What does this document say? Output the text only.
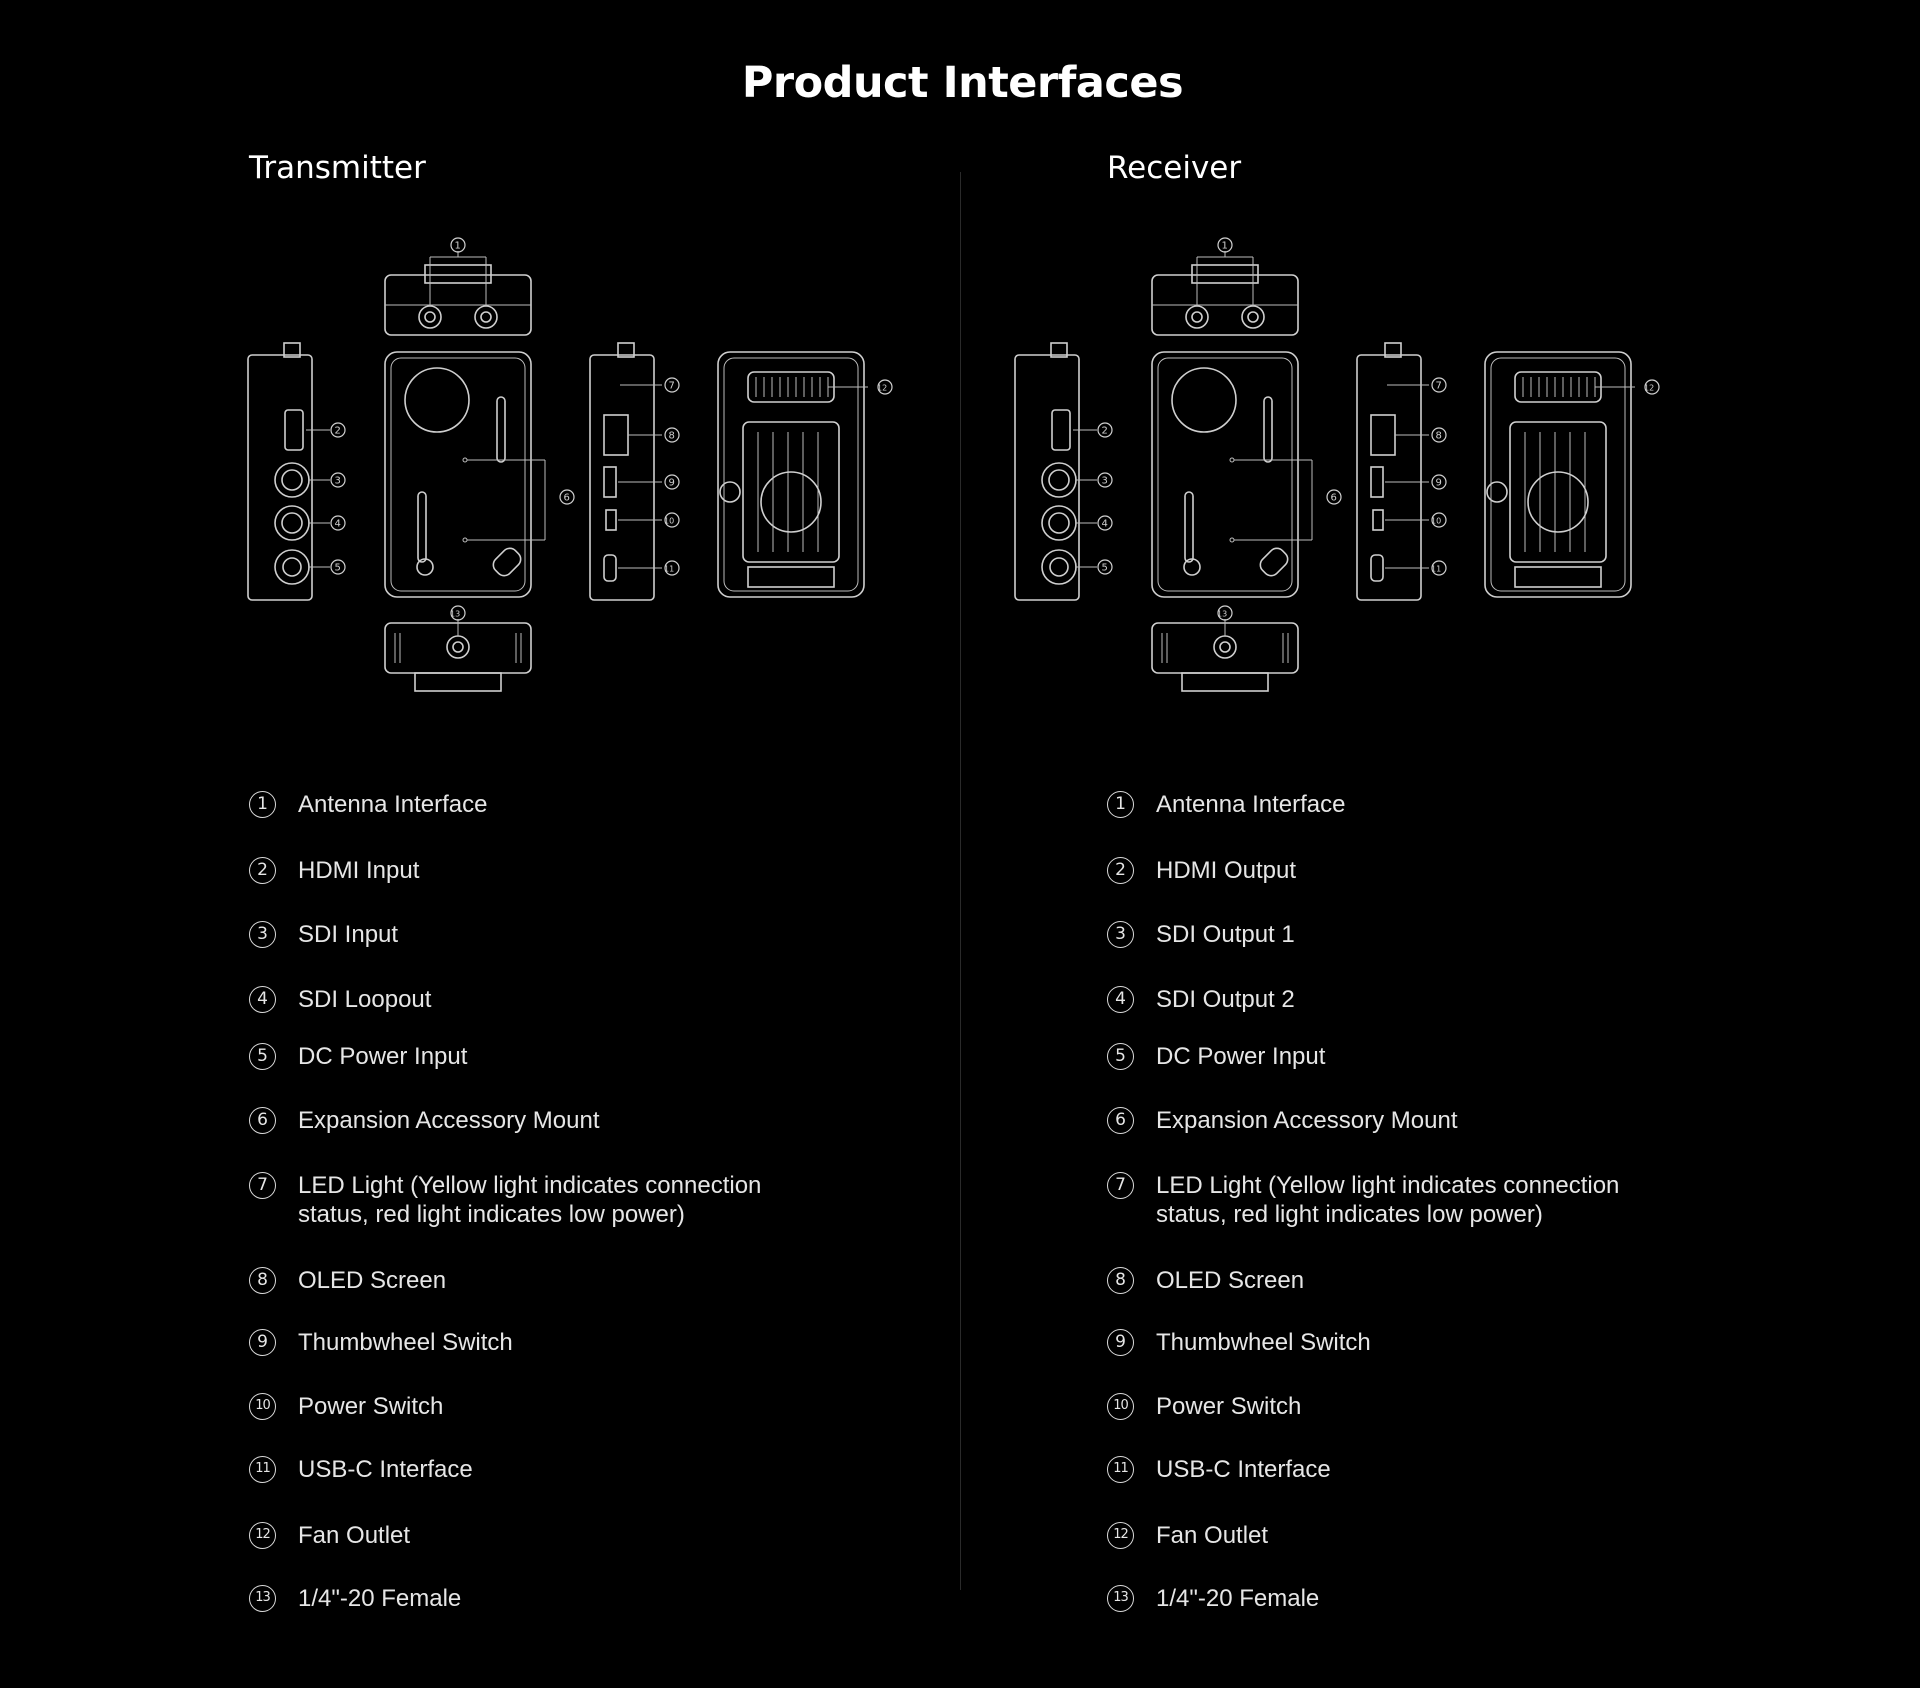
Product Interfaces
Transmitter
1
2
3
4
5
6
7
8
9
10
11
12
13
1	Antenna Interface
2	HDMI Input
3	SDI Input
4	SDI Loopout
5	DC Power Input
6	Expansion Accessory Mount
7	LED Light (Yellow light indicates connection status, red light indicates low power)
8	OLED Screen
9	Thumbwheel Switch
10 Power Switch
11 USB-C Interface
12 Fan Outlet
13 1/4"-20 Female
Receiver
1
2
3
4
5
6
7
8
9
10
11
12
13
1	Antenna Interface
2	HDMI Output
3	SDI Output 1
4	SDI Output 2
5	DC Power Input
6	Expansion Accessory Mount
7	LED Light (Yellow light indicates connection status, red light indicates low power)
8	OLED Screen
9	Thumbwheel Switch
10 Power Switch
11 USB-C Interface
12 Fan Outlet
13 1/4"-20 Female
